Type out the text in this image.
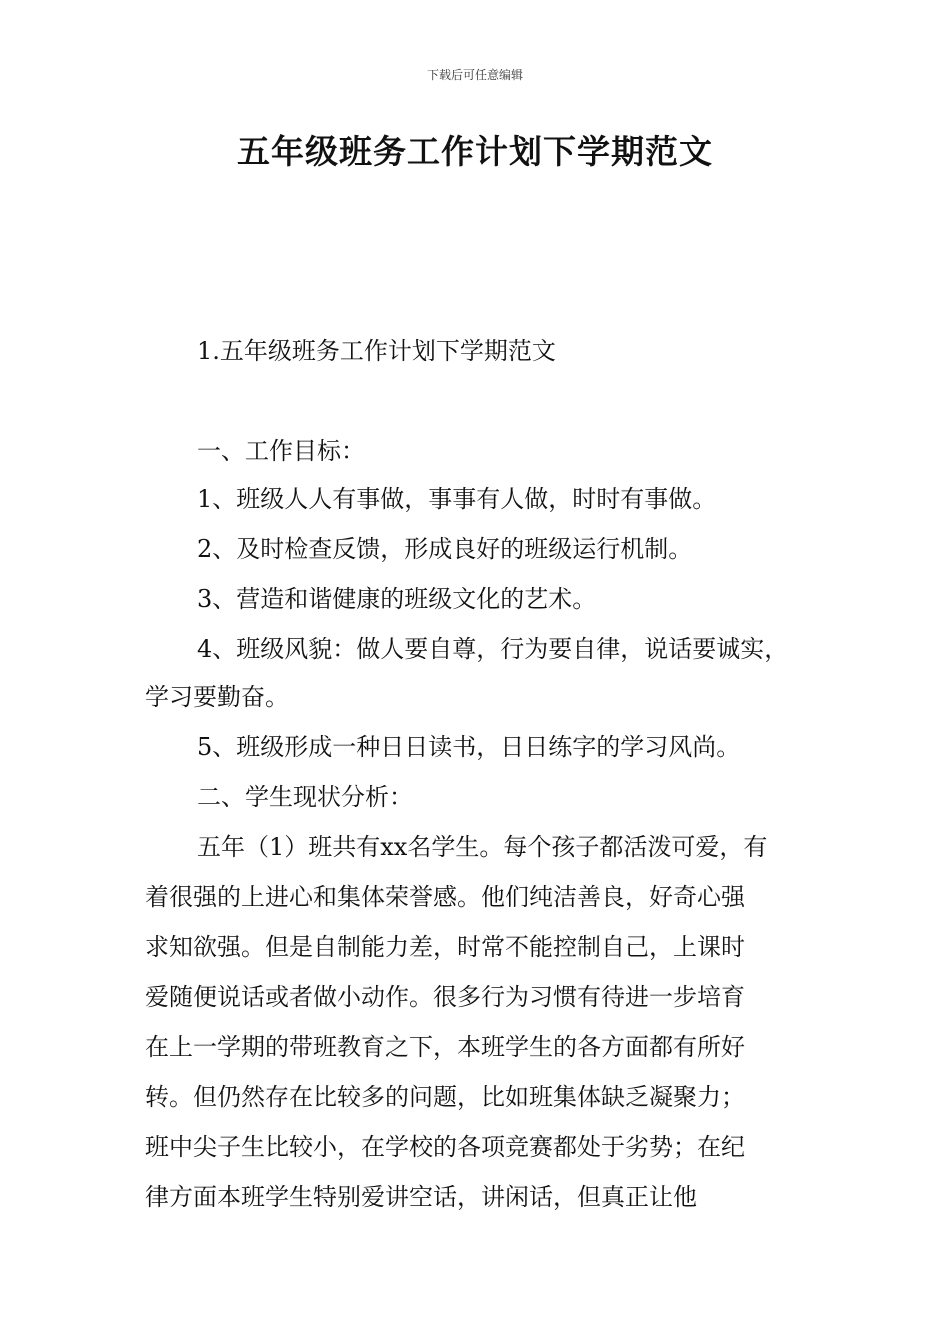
下载后可任意编辑
五年级班务工作计划下学期范文
1.五年级班务工作计划下学期范文
一、工作目标：
1、班级人人有事做，事事有人做，时时有事做。
2、及时检查反馈，形成良好的班级运行机制。
3、营造和谐健康的班级文化的艺术。
4、班级风貌：做人要自尊，行为要自律，说话要诚实，
学习要勤奋。
5、班级形成一种日日读书，日日练字的学习风尚。
二、学生现状分析：
五年（1）班共有xx名学生。每个孩子都活泼可爱，有
着很强的上进心和集体荣誉感。他们纯洁善良，好奇心强
求知欲强。但是自制能力差，时常不能控制自己，上课时
爱随便说话或者做小动作。很多行为习惯有待进一步培育
在上一学期的带班教育之下，本班学生的各方面都有所好
转。但仍然存在比较多的问题，比如班集体缺乏凝聚力；
班中尖子生比较小，在学校的各项竞赛都处于劣势；在纪
律方面本班学生特别爱讲空话，讲闲话，但真正让他
